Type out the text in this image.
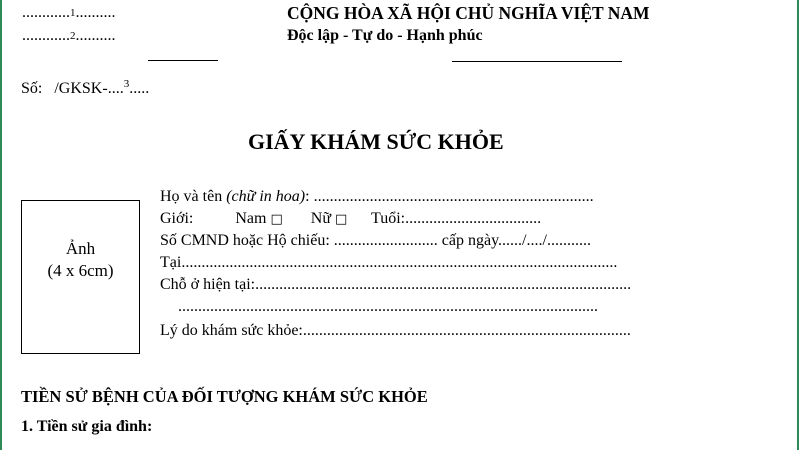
............$^1$..........
............$^2$..........
CỘNG HÒA XÃ HỘI CHỦ NGHĨA VIỆT NAM
Độc lập - Tự do - Hạnh phúc
Số: /GKSK-....$^3$.....
GIẤY KHÁM SỨC KHỎE
Ảnh
(4 x 6cm)
Họ và tên (chữ in hoa): ......................................................................
Giới:	Nam □ Nữ □ Tuổi:..................................
Số CMND hoặc Hộ chiếu: .......................... cấp ngày....../..../...........
Tại.............................................................................................................
Chỗ ở hiện tại:..............................................................................................
.........................................................................................................
Lý do khám sức khỏe:..................................................................................
TIỀN SỬ BỆNH CỦA ĐỐI TƯỢNG KHÁM SỨC KHỎE
1. Tiền sử gia đình:
